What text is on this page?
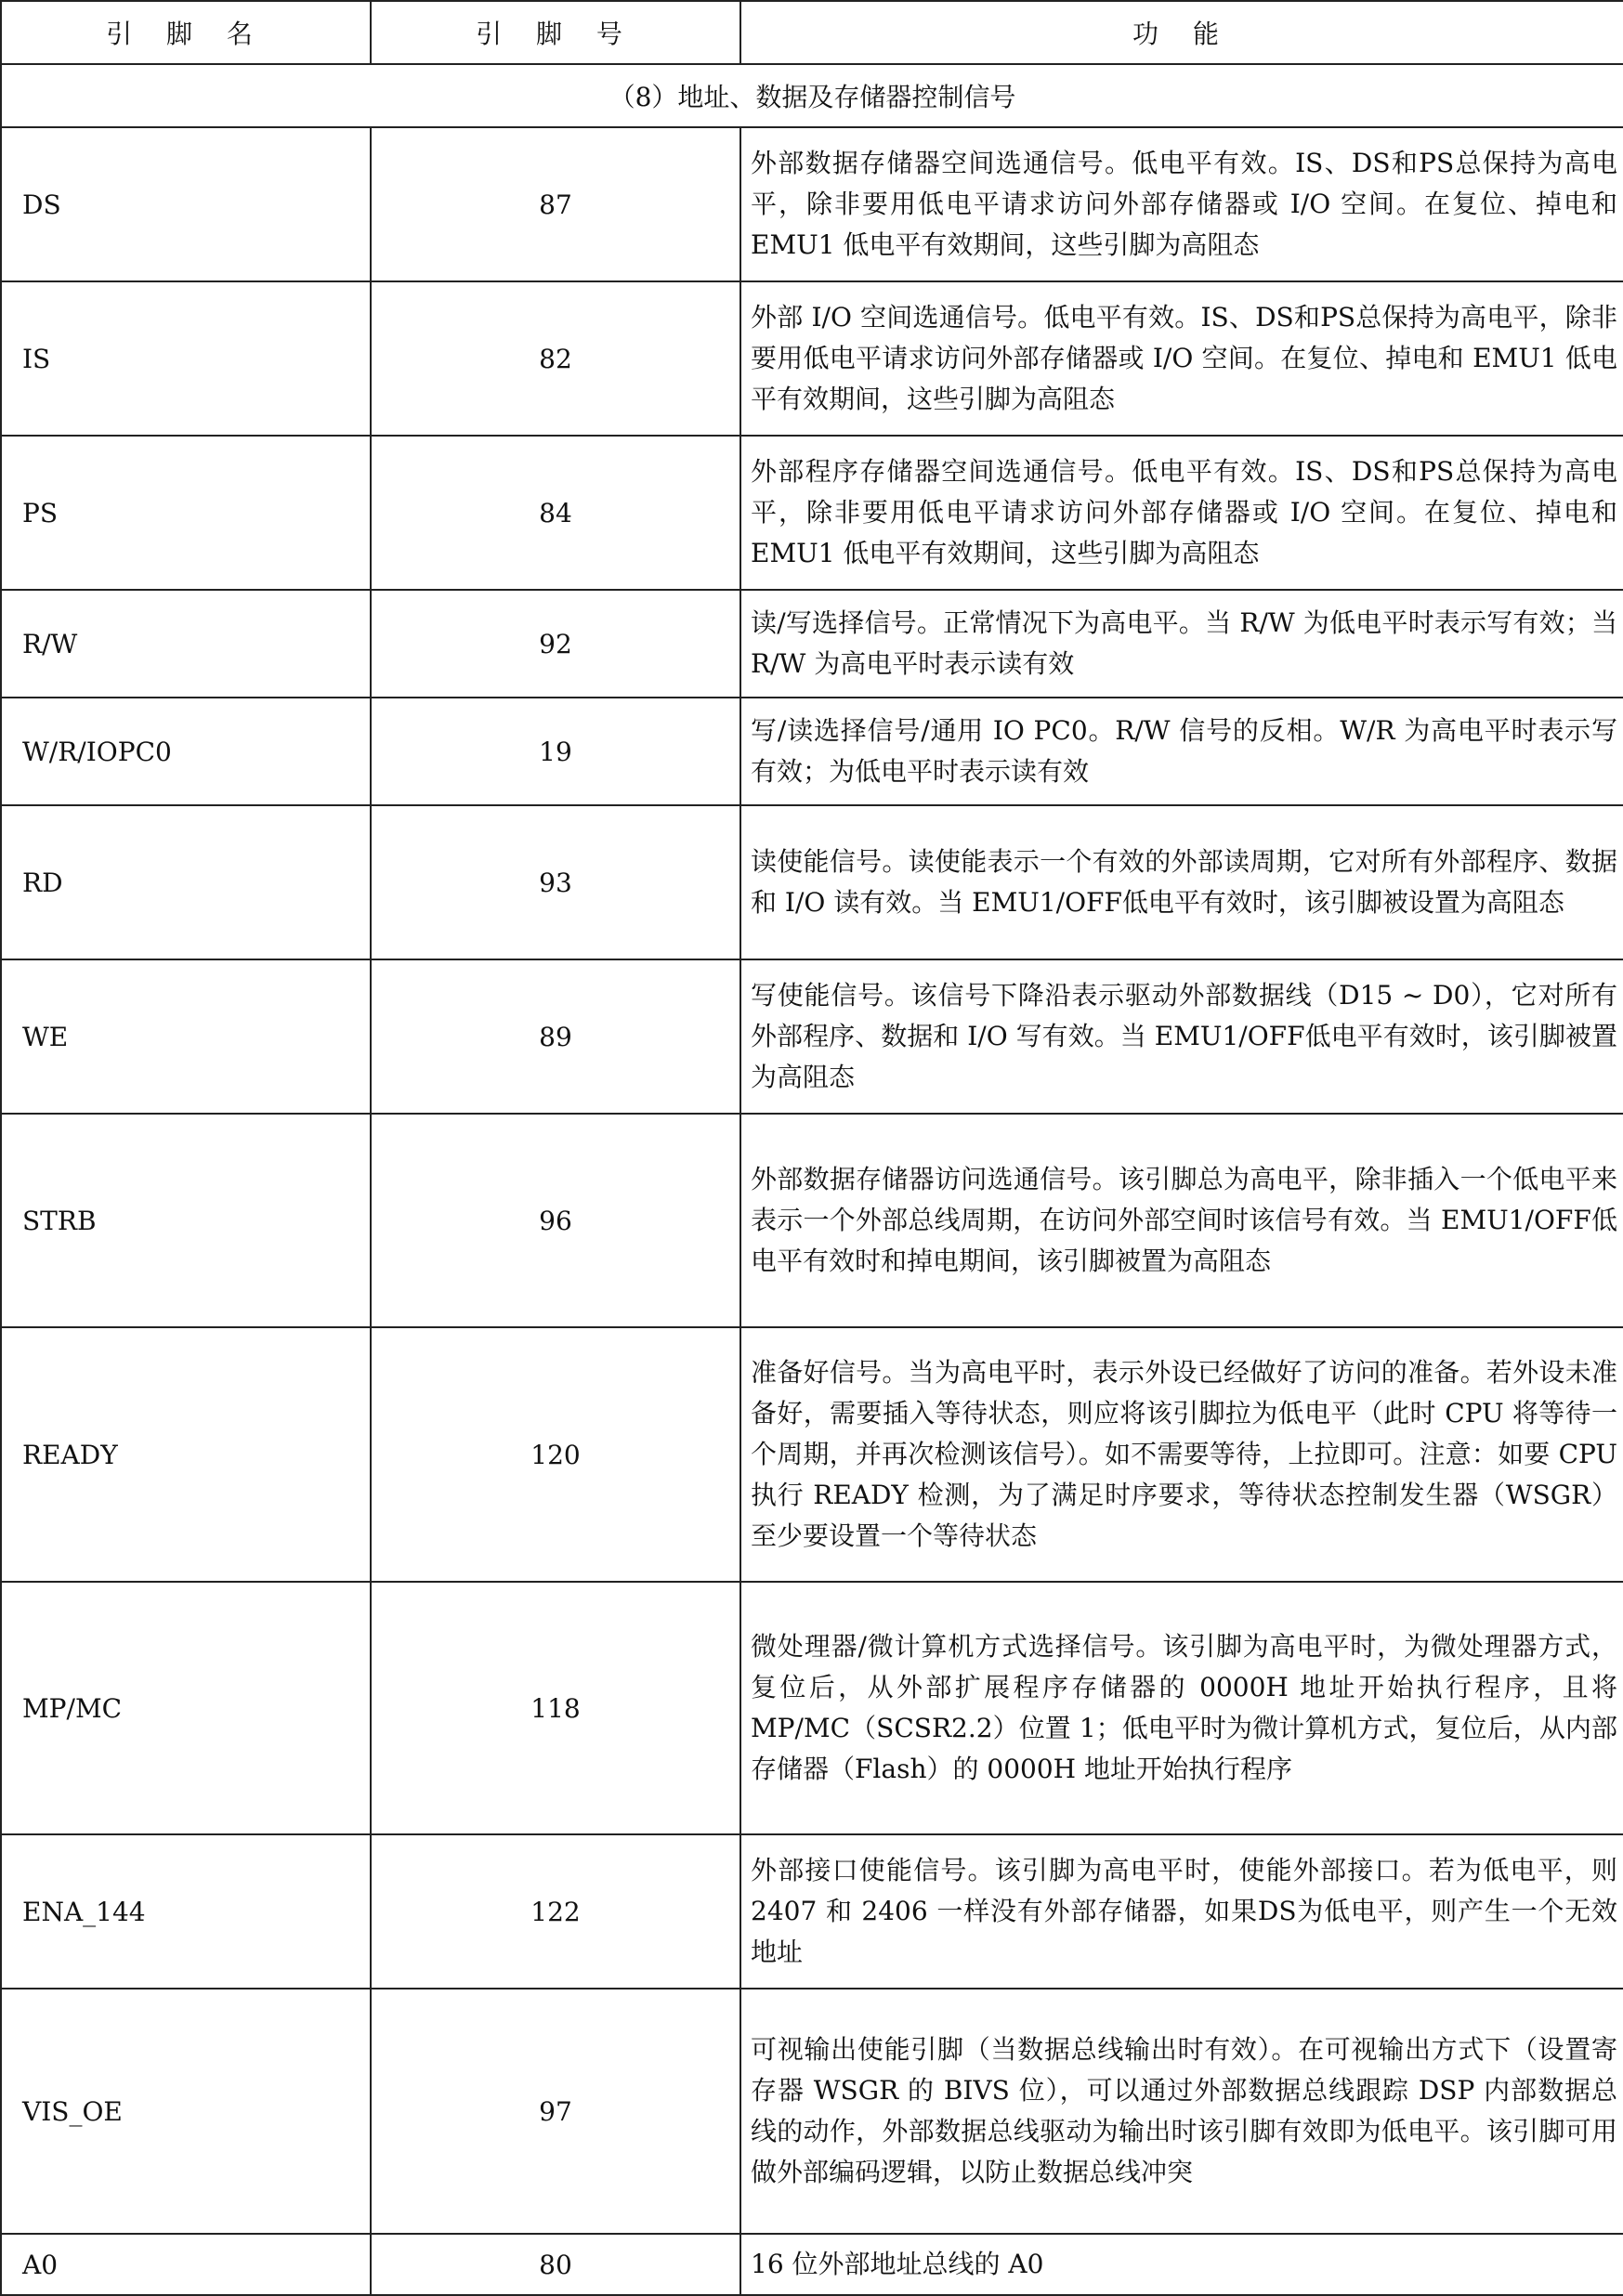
引 脚 名	引 脚 号	功 能
（8）地址、数据及存储器控制信号		
DS	87	外部数据存储器空间选通信号。低电平有效。IS、DS和PS总保持为高电平，除非要用低电平请求访问外部存储器或 I/O 空间。在复位、掉电和 EMU1 低电平有效期间，这些引脚为高阻态
IS	82	外部 I/O 空间选通信号。低电平有效。IS、DS和PS总保持为高电平，除非要用低电平请求访问外部存储器或 I/O 空间。在复位、掉电和 EMU1 低电平有效期间，这些引脚为高阻态
PS	84	外部程序存储器空间选通信号。低电平有效。IS、DS和PS总保持为高电平，除非要用低电平请求访问外部存储器或 I/O 空间。在复位、掉电和 EMU1 低电平有效期间，这些引脚为高阻态
R/W	92	读/写选择信号。正常情况下为高电平。当 R/W 为低电平时表示写有效；当 R/W 为高电平时表示读有效
W/R/IOPC0	19	写/读选择信号/通用 IO PC0。R/W 信号的反相。W/R 为高电平时表示写有效；为低电平时表示读有效
RD	93	读使能信号。读使能表示一个有效的外部读周期，它对所有外部程序、数据和 I/O 读有效。当 EMU1/OFF低电平有效时，该引脚被设置为高阻态
WE	89	写使能信号。该信号下降沿表示驱动外部数据线（D15 ~ D0），它对所有外部程序、数据和 I/O 写有效。当 EMU1/OFF低电平有效时，该引脚被置为高阻态
STRB	96	外部数据存储器访问选通信号。该引脚总为高电平，除非插入一个低电平来表示一个外部总线周期，在访问外部空间时该信号有效。当 EMU1/OFF低电平有效时和掉电期间，该引脚被置为高阻态
READY	120	准备好信号。当为高电平时，表示外设已经做好了访问的准备。若外设未准备好，需要插入等待状态，则应将该引脚拉为低电平（此时 CPU 将等待一个周期，并再次检测该信号）。如不需要等待，上拉即可。注意：如要 CPU 执行 READY 检测，为了满足时序要求，等待状态控制发生器（WSGR）至少要设置一个等待状态
MP/MC	118	微处理器/微计算机方式选择信号。该引脚为高电平时，为微处理器方式，复位后，从外部扩展程序存储器的 0000H 地址开始执行程序，且将 MP/MC（SCSR2.2）位置 1；低电平时为微计算机方式，复位后，从内部存储器（Flash）的 0000H 地址开始执行程序
ENA_144	122	外部接口使能信号。该引脚为高电平时，使能外部接口。若为低电平，则 2407 和 2406 一样没有外部存储器，如果DS为低电平，则产生一个无效地址
VIS_OE	97	可视输出使能引脚（当数据总线输出时有效）。在可视输出方式下（设置寄存器 WSGR 的 BIVS 位），可以通过外部数据总线跟踪 DSP 内部数据总线的动作，外部数据总线驱动为输出时该引脚有效即为低电平。该引脚可用做外部编码逻辑，以防止数据总线冲突
A0	80	16 位外部地址总线的 A0
